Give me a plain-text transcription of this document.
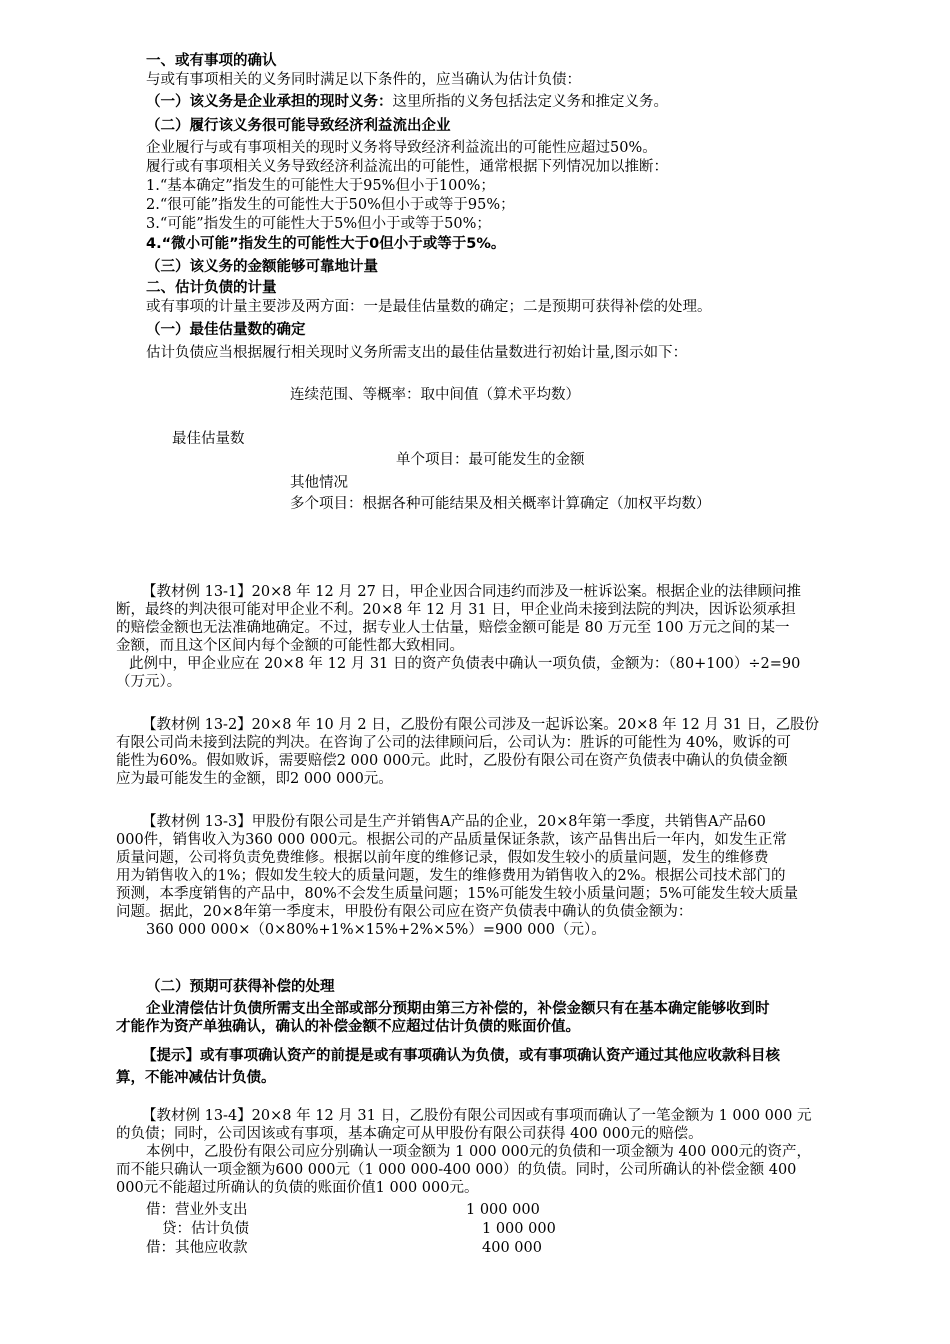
一、或有事项的确认
与或有事项相关的义务同时满足以下条件的，应当确认为估计负债：
（一）该义务是企业承担的现时义务：这里所指的义务包括法定义务和推定义务。
（二）履行该义务很可能导致经济利益流出企业
企业履行与或有事项相关的现时义务将导致经济利益流出的可能性应超过50%。
履行或有事项相关义务导致经济利益流出的可能性，通常根据下列情况加以推断：
1.“基本确定”指发生的可能性大于95%但小于100%；
2.“很可能”指发生的可能性大于50%但小于或等于95%；
3.“可能”指发生的可能性大于5%但小于或等于50%；
4.“微小可能”指发生的可能性大于0但小于或等于5%。
（三）该义务的金额能够可靠地计量
二、估计负债的计量
或有事项的计量主要涉及两方面：一是最佳估量数的确定；二是预期可获得补偿的处理。
（一）最佳估量数的确定
估计负债应当根据履行相关现时义务所需支出的最佳估量数进行初始计量,图示如下：
连续范围、等概率：取中间值（算术平均数）
最佳估量数
单个项目：最可能发生的金额
其他情况
多个项目：根据各种可能结果及相关概率计算确定（加权平均数）
【教材例 13-1】20×8 年 12 月 27 日，甲企业因合同违约而涉及一桩诉讼案。根据企业的法律顾问推
断，最终的判决很可能对甲企业不利。20×8 年 12 月 31 日，甲企业尚未接到法院的判决，因诉讼须承担
的赔偿金额也无法准确地确定。不过，据专业人士估量，赔偿金额可能是 80 万元至 100 万元之间的某一
金额，而且这个区间内每个金额的可能性都大致相同。
此例中，甲企业应在 20×8 年 12 月 31 日的资产负债表中确认一项负债，金额为：（80+100）÷2=90
（万元）。
【教材例 13-2】20×8 年 10 月 2 日，乙股份有限公司涉及一起诉讼案。20×8 年 12 月 31 日，乙股份
有限公司尚未接到法院的判决。在咨询了公司的法律顾问后，公司认为：胜诉的可能性为 40%，败诉的可
能性为60%。假如败诉，需要赔偿2 000 000元。此时，乙股份有限公司在资产负债表中确认的负债金额
应为最可能发生的金额，即2 000 000元。
【教材例 13-3】甲股份有限公司是生产并销售A产品的企业，20×8年第一季度，共销售A产品60
000件，销售收入为360 000 000元。根据公司的产品质量保证条款，该产品售出后一年内，如发生正常
质量问题，公司将负责免费维修。根据以前年度的维修记录，假如发生较小的质量问题，发生的维修费
用为销售收入的1%；假如发生较大的质量问题，发生的维修费用为销售收入的2%。根据公司技术部门的
预测，本季度销售的产品中，80%不会发生质量问题；15%可能发生较小质量问题；5%可能发生较大质量
问题。据此，20×8年第一季度末，甲股份有限公司应在资产负债表中确认的负债金额为：
360 000 000×（0×80%+1%×15%+2%×5%）=900 000（元）。
（二）预期可获得补偿的处理
企业清偿估计负债所需支出全部或部分预期由第三方补偿的，补偿金额只有在基本确定能够收到时
才能作为资产单独确认，确认的补偿金额不应超过估计负债的账面价值。
【提示】或有事项确认资产的前提是或有事项确认为负债，或有事项确认资产通过其他应收款科目核
算，不能冲减估计负债。
【教材例 13-4】20×8 年 12 月 31 日，乙股份有限公司因或有事项而确认了一笔金额为 1 000 000 元
的负债；同时，公司因该或有事项，基本确定可从甲股份有限公司获得 400 000元的赔偿。
本例中，乙股份有限公司应分别确认一项金额为 1 000 000元的负债和一项金额为 400 000元的资产，
而不能只确认一项金额为600 000元（1 000 000-400 000）的负债。同时，公司所确认的补偿金额 400
000元不能超过所确认的负债的账面价值1 000 000元。
借：营业外支出	1 000 000
贷：估计负债	1 000 000
借：其他应收款	400 000
